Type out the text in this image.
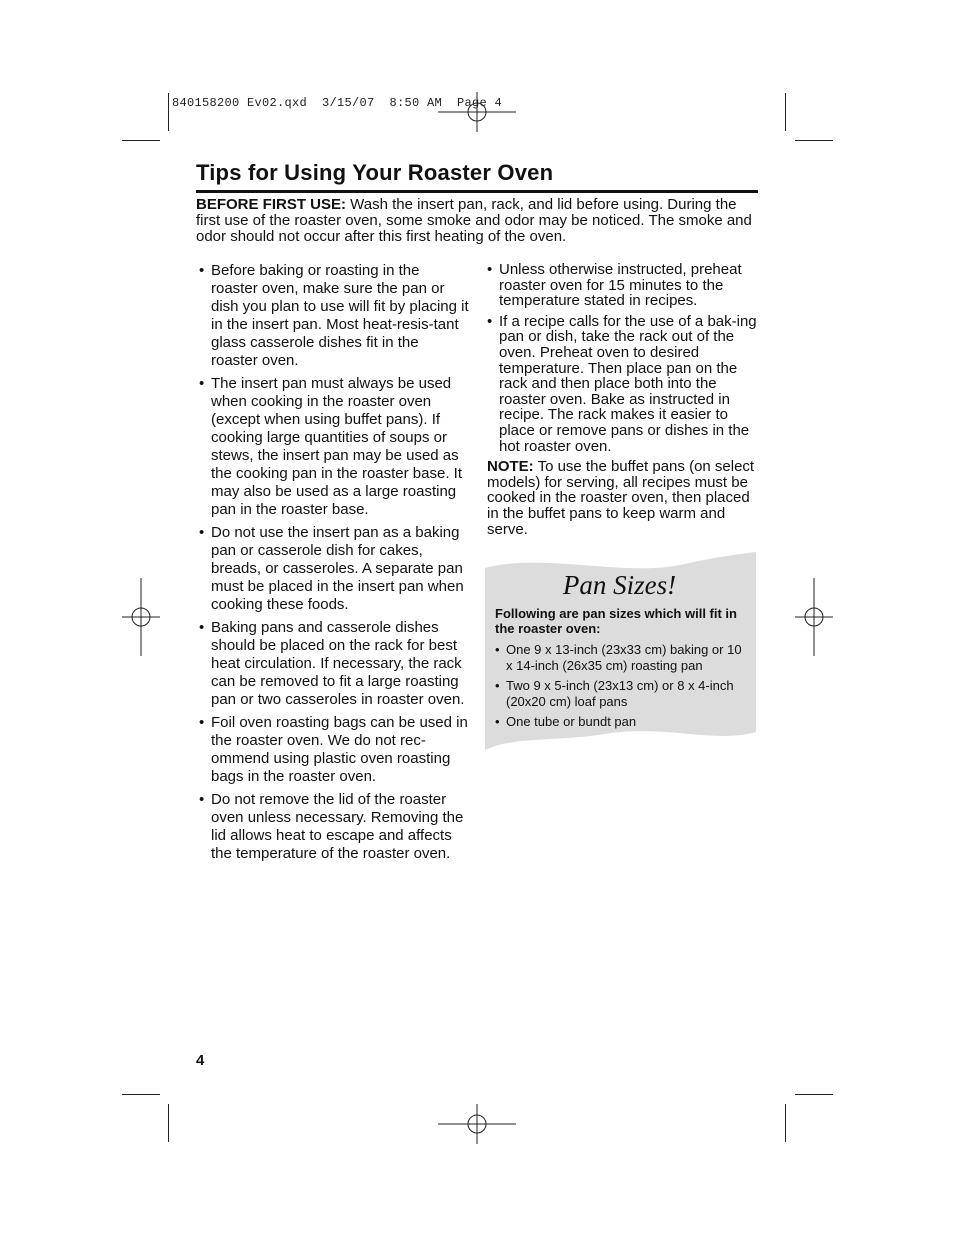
840158200 Ev02.qxd  3/15/07  8:50 AM  Page 4
Tips for Using Your Roaster Oven
BEFORE FIRST USE: Wash the insert pan, rack, and lid before using. During the first use of the roaster oven, some smoke and odor may be noticed. The smoke and odor should not occur after this first heating of the oven.
• Before baking or roasting in the roaster oven, make sure the pan or dish you plan to use will fit by placing it in the insert pan. Most heat-resis-tant glass casserole dishes fit in the roaster oven.
• The insert pan must always be used when cooking in the roaster oven (except when using buffet pans). If cooking large quantities of soups or stews, the insert pan may be used as the cooking pan in the roaster base. It may also be used as a large roasting pan in the roaster base.
• Do not use the insert pan as a baking pan or casserole dish for cakes, breads, or casseroles. A separate pan must be placed in the insert pan when cooking these foods.
• Baking pans and casserole dishes should be placed on the rack for best heat circulation. If necessary, the rack can be removed to fit a large roasting pan or two casseroles in roaster oven.
• Foil oven roasting bags can be used in the roaster oven. We do not rec-ommend using plastic oven roasting bags in the roaster oven.
• Do not remove the lid of the roaster oven unless necessary. Removing the lid allows heat to escape and affects the temperature of the roaster oven.
• Unless otherwise instructed, preheat roaster oven for 15 minutes to the temperature stated in recipes.
• If a recipe calls for the use of a bak-ing pan or dish, take the rack out of the oven. Preheat oven to desired temperature. Then place pan on the rack and then place both into the roaster oven. Bake as instructed in recipe. The rack makes it easier to place or remove pans or dishes in the hot roaster oven.
NOTE: To use the buffet pans (on select models) for serving, all recipes must be cooked in the roaster oven, then placed in the buffet pans to keep warm and serve.
Pan Sizes!
Following are pan sizes which will fit in the roaster oven:
• One 9 x 13-inch (23x33 cm) baking or 10 x 14-inch (26x35 cm) roasting pan
• Two 9 x 5-inch (23x13 cm) or 8 x 4-inch (20x20 cm) loaf pans
• One tube or bundt pan
4
